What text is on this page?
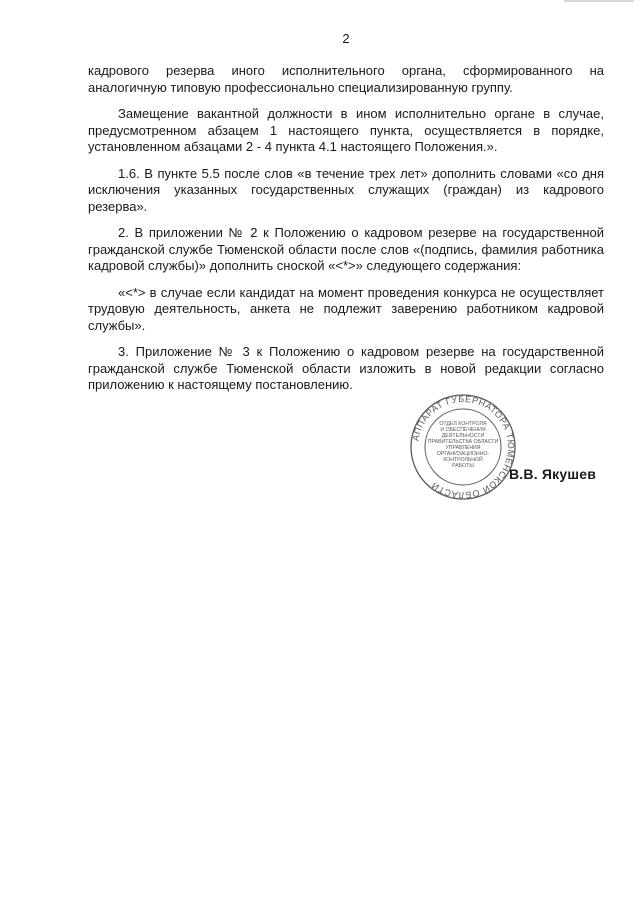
2

кадрового резерва иного исполнительного органа, сформированного на аналогичную типовую профессионально специализированную группу.

Замещение вакантной должности в ином исполнительно органе в случае, предусмотренном абзацем 1 настоящего пункта, осуществляется в порядке, установленном абзацами 2 - 4 пункта 4.1 настоящего Положения.».

1.6. В пункте 5.5 после слов «в течение трех лет» дополнить словами «со дня исключения указанных государственных служащих (граждан) из кадрового резерва».

2. В приложении № 2 к Положению о кадровом резерве на государственной гражданской службе Тюменской области после слов «(подпись, фамилия работника кадровой службы)» дополнить сноской «<*>» следующего содержания:

«<*> в случае если кандидат на момент проведения конкурса не осуществляет трудовую деятельность, анкета не подлежит заверению работником кадровой службы».

3. Приложение № 3 к Положению о кадровом резерве на государственной гражданской службе Тюменской области изложить в новой редакции согласно приложению к настоящему постановлению.

АППАРАТ ГУБЕРНАТОРА ТЮМЕНСКОЙ ОБЛАСТИ
ОТДЕЛ КОНТРОЛЯ
И ОБЕСПЕЧЕНИЯ
ДЕЯТЕЛЬНОСТИ
ПРАВИТЕЛЬСТВА ОБЛАСТИ
УПРАВЛЕНИЯ
ОРГАНИЗАЦИОННО-
КОНТРОЛЬНОЙ
РАБОТЫ	В.В. Якушев
